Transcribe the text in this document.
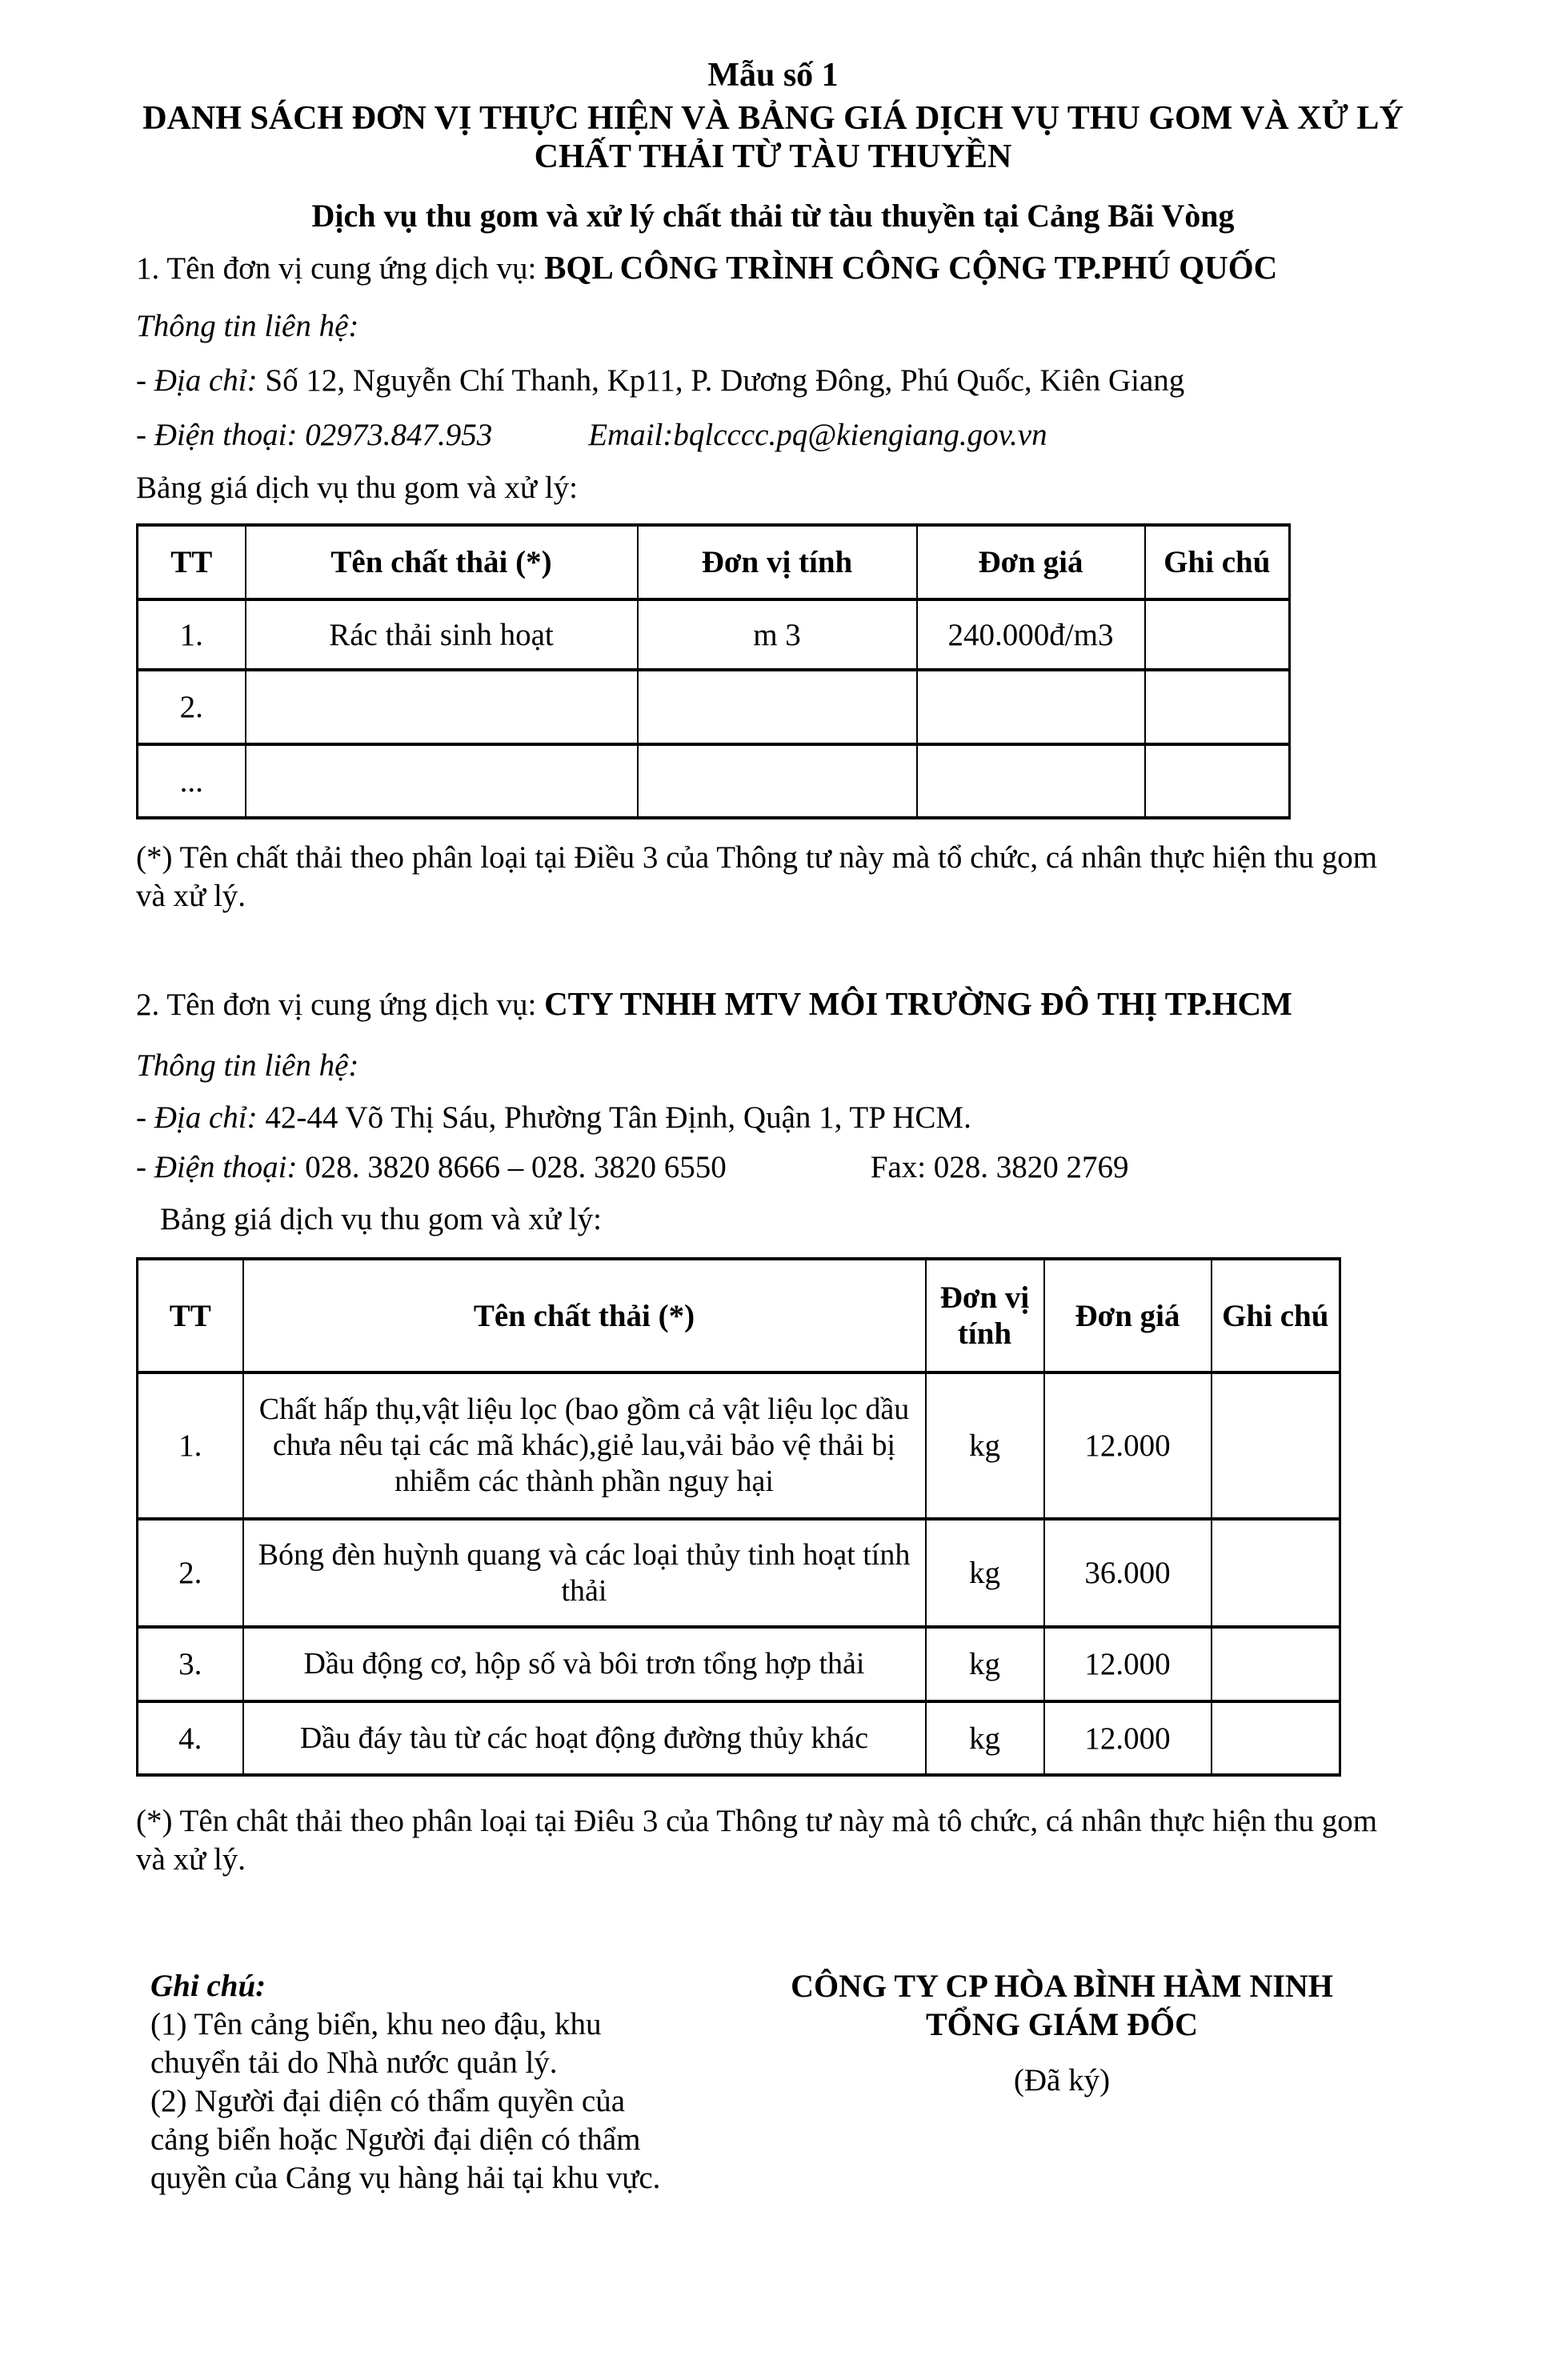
Mẫu số 1

DANH SÁCH ĐƠN VỊ THỰC HIỆN VÀ BẢNG GIÁ DỊCH VỤ THU GOM VÀ XỬ LÝ
CHẤT THẢI TỪ TÀU THUYỀN

Dịch vụ thu gom và xử lý chất thải từ tàu thuyền tại Cảng Bãi Vòng

1. Tên đơn vị cung ứng dịch vụ: BQL CÔNG TRÌNH CÔNG CỘNG TP.PHÚ QUỐC

Thông tin liên hệ:

- Địa chỉ: Số 12, Nguyễn Chí Thanh, Kp11, P. Dương Đông, Phú Quốc, Kiên Giang

- Điện thoại: 02973.847.953	Email:bqlcccc.pq@kiengiang.gov.vn

Bảng giá dịch vụ thu gom và xử lý:

TT	Tên chất thải (*)	Đơn vị tính	Đơn giá	Ghi chú
1.	Rác thải sinh hoạt	m 3	240.000đ/m3	
2.				
...				

(*) Tên chất thải theo phân loại tại Điều 3 của Thông tư này mà tổ chức, cá nhân thực hiện thu gom và xử lý.

2. Tên đơn vị cung ứng dịch vụ: CTY TNHH MTV MÔI TRƯỜNG ĐÔ THỊ TP.HCM

Thông tin liên hệ:

- Địa chỉ: 42-44 Võ Thị Sáu, Phường Tân Định, Quận 1, TP HCM.

- Điện thoại: 028. 3820 8666 – 028. 3820 6550	Fax: 028. 3820 2769

Bảng giá dịch vụ thu gom và xử lý:

TT	Tên chất thải (*)	Đơn vị tính	Đơn giá	Ghi chú
1.	Chất hấp thụ,vật liệu lọc (bao gồm cả vật liệu lọc dầu chưa nêu tại các mã khác),giẻ lau,vải bảo vệ thải bị nhiễm các thành phần nguy hại	kg	12.000	
2.	Bóng đèn huỳnh quang và các loại thủy tinh hoạt tính thải	kg	36.000	
3.	Dầu động cơ, hộp số và bôi trơn tổng hợp thải	kg	12.000	
4.	Dầu đáy tàu từ các hoạt động đường thủy khác	kg	12.000	

(*) Tên chât thải theo phân loại tại Điêu 3 của Thông tư này mà tô chức, cá nhân thực hiện thu gom và xử lý.

Ghi chú:

(1) Tên cảng biển, khu neo đậu, khu chuyển tải do Nhà nước quản lý.

(2) Người đại diện có thẩm quyền của cảng biển hoặc Người đại diện có thẩm quyền của Cảng vụ hàng hải tại khu vực.

CÔNG TY CP HÒA BÌNH HÀM NINH
TỔNG GIÁM ĐỐC
(Đã ký)
